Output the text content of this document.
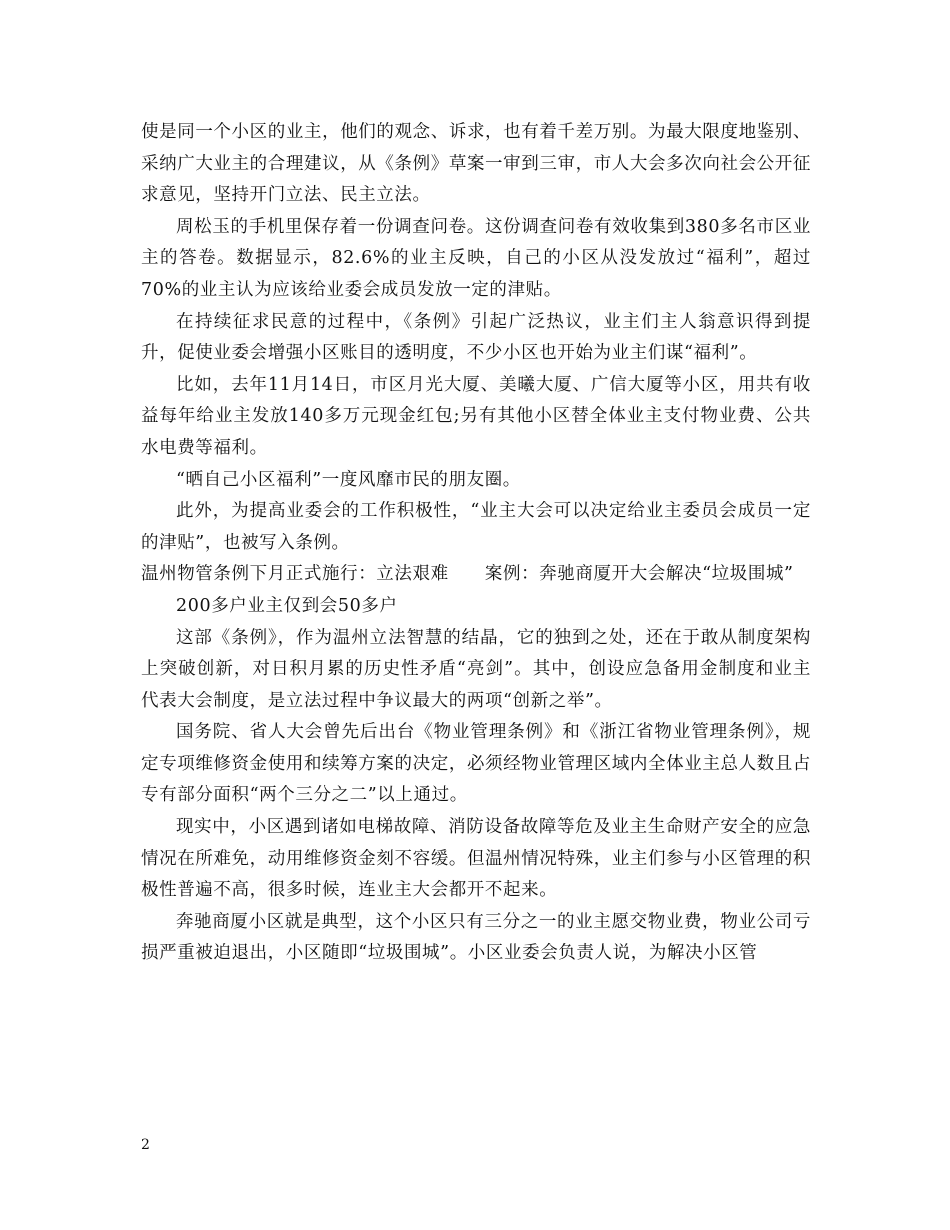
使是同一个小区的业主，他们的观念、诉求，也有着千差万别。为最大限度地鉴别、采纳广大业主的合理建议，从《条例》草案一审到三审，市人大会多次向社会公开征求意见，坚持开门立法、民主立法。

周松玉的手机里保存着一份调查问卷。这份调查问卷有效收集到380多名市区业主的答卷。数据显示，82.6%的业主反映，自己的小区从没发放过“福利”，超过70%的业主认为应该给业委会成员发放一定的津贴。

在持续征求民意的过程中，《条例》引起广泛热议，业主们主人翁意识得到提升，促使业委会增强小区账目的透明度，不少小区也开始为业主们谋“福利”。

比如，去年11月14日，市区月光大厦、美曦大厦、广信大厦等小区，用共有收益每年给业主发放140多万元现金红包;另有其他小区替全体业主支付物业费、公共水电费等福利。

“晒自己小区福利”一度风靡市民的朋友圈。

此外，为提高业委会的工作积极性，“业主大会可以决定给业主委员会成员一定的津贴”，也被写入条例。

温州物管条例下月正式施行：立法艰难　　案例：奔驰商厦开大会解决“垃圾围城”

200多户业主仅到会50多户

这部《条例》，作为温州立法智慧的结晶，它的独到之处，还在于敢从制度架构上突破创新，对日积月累的历史性矛盾“亮剑”。其中，创设应急备用金制度和业主代表大会制度，是立法过程中争议最大的两项“创新之举”。

国务院、省人大会曾先后出台《物业管理条例》和《浙江省物业管理条例》，规定专项维修资金使用和续筹方案的决定，必须经物业管理区域内全体业主总人数且占专有部分面积“两个三分之二”以上通过。

现实中，小区遇到诸如电梯故障、消防设备故障等危及业主生命财产安全的应急情况在所难免，动用维修资金刻不容缓。但温州情况特殊，业主们参与小区管理的积极性普遍不高，很多时候，连业主大会都开不起来。

奔驰商厦小区就是典型，这个小区只有三分之一的业主愿交物业费，物业公司亏损严重被迫退出，小区随即“垃圾围城”。小区业委会负责人说，为解决小区管

2
